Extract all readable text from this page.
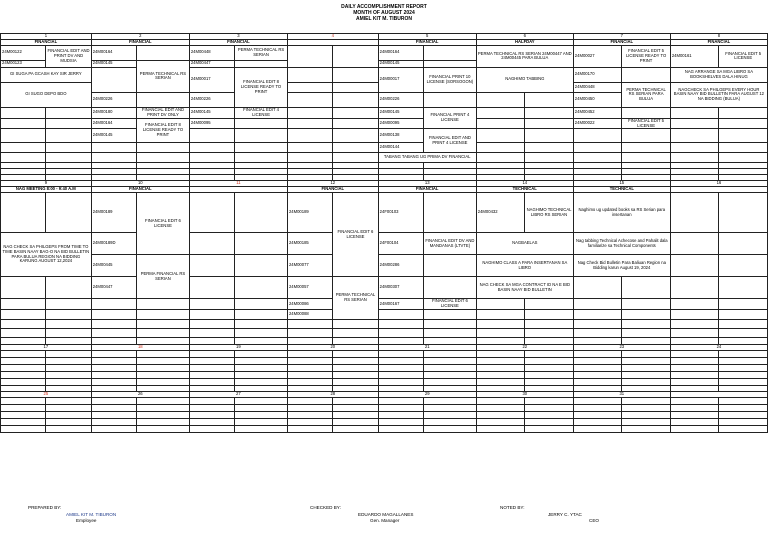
DAILY ACCOMPLISHMENT REPORT
MONTH OF AUGUST 2024
AMIEL KIT M. TIBURON
1		2		3		4		5		6		7		8	
FINANCIAL		FINANCIAL		FINANCIAL				FINANCIAL		HALFDAY		FINANCIAL		FINANCIAL	
24M00122	FINANCIAL EDIT AND PRINT DV AND MUDSIA	24M00164		24M00448	PERMA TECHNICAL RS SERIAN			24M00164		PERMA TECHNICAL RS SERIAN 24M00447 AND 24M00445 PARA BULUA		24M00027	FINANCIAL EDIT 5 LICENSE READY TO PRINT	24M00161	FINANCIAL EDIT 5 LICENSE
24M00123		24M00145	PERMA TECHNICAL RS SERIAN	24M00447				24M00145							
GI SUGA PA GCASH KAY SIR JERRY				24M00017	FINANCIAL EDIT 8 LICENSE READY TO PRINT			24M00017	FINANCIAL PRINT 10 LICENSE (SORSOGON)	NAGHIMO TABBING		24M00170		NAG ARRANGE SA MGA LIBRO SA BOOKSHELVES DALA HINUG	
GI SUGO DEPO BDO												24M00448	PERMA TECHNICAL RS SERIAN PARA BULUA	NAGCHECK SA PHILGEPS EVERY HOUR BASIN NAAY BID BULLETIN PARA AUGUST 12 NA BIDDING (BULUA)	
		24M00226		24M00226				24M00226				24M00450			
		24M00180	FINANCIAL EDIT AND PRINT DV ONLY	24M00145	FINANCIAL EDIT 4 LICENSE			24M00145	FINANCIAL PRINT 4 LICENSE			24M00452			
		24M00164	FINANCIAL EDIT 8 LICENSE READY TO PRINT	24M00095				24M00095				24M00022	FINANCIAL EDIT 5 LICENSE		
		24M00145						24M00138	FINANCIAL EDIT AND PRINT 4 LICENSE						
								24M00144							
								TABANG TABANG UG PRIMA DV FINANCIAL							

9		10		11		12		13		14		15		16	
NAG MEETING 8:00 - 9:40 A.M		FINANCIAL				FINANCIAL		FINANCIAL		TECHNICAL		TECHNICAL			
		24M00189	FINANCIAL EDIT 6 LICENSE			24M00189	FINANCIAL EDIT 6 LICENSE	24F00103		24M00432	NAGHIMO TECHNICAL LIBRO RS SERIAN	Naghimo ug updated books sa RS Serian para insertanan			
NAG CHECK SA PHILGEPS FROM TIME TO TIME BASIN NAAY BAG-O NA BID BULLETIN PARA BULUA REGION NA BIDDING KARUNG AUGUST 12,2024		24M00189D				24M00185		24F00104	FINANCIAL EDIT DV AND MANDANAS (LTVTE)	NAGBAELAS		Nag tabbing Technical Achecose and Pahalit dala familiarize sa Technical Components			
		24M00445	PERMA FINANCIAL RS SERIAN			24M00077		24M00286		NAGHIMO CLASS A PARA INSERTANAN SA LIBRO		Nag Check Bid Bulletin Para Baliuan Region na Bidding karun August 19, 2024			
		24M00447				24M00057	PERMA TECHNICAL RS SERIAN	24M00307		NAG CHECK SA MGA CONTRACT ID NA E BID BASIN NAAY BID BULLETIN					
						24M00086		24M00167	FINANCIAL EDIT 6 LICENSE						
						24M00088									

17		18		19		20		21		22		23		24	

25		26		27		28		29		30		31			

PREPARED BY:
AMIEL KIT M. TIBURON
Employee
CHECKED BY:
EDUARDO MAGALLANES
Gen. Manager
NOTED BY:
JERRY C. YTAC
CEO
